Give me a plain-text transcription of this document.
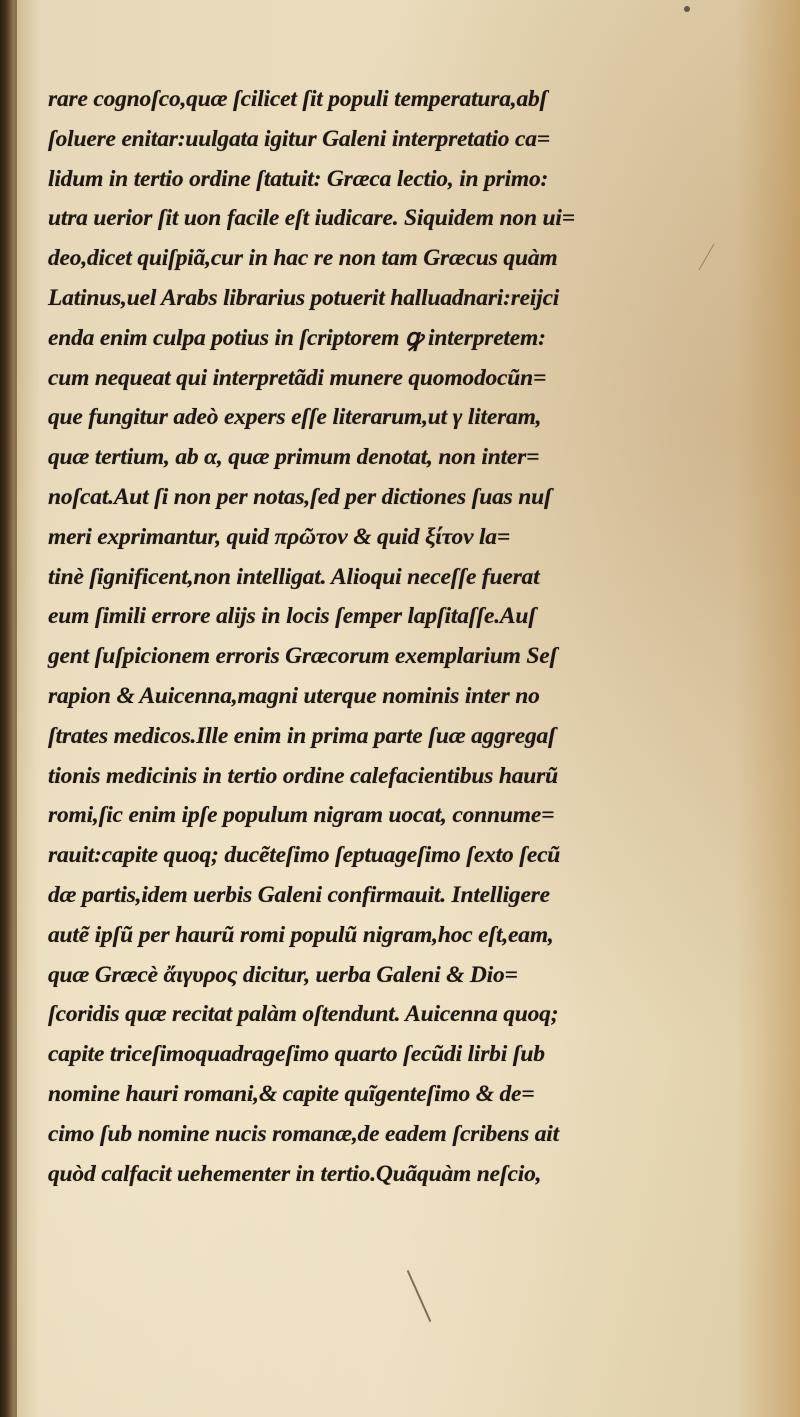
rare cognoſco,quæ ſcilicet ſit populi temperatura,abſ
ſoluere enitar:uulgata igitur Galeni interpretatio ca=
lidum in tertio ordine ſtatuit: Græca lectio, in primo:
utra uerior ſit uon facile eſt iudicare. Siquidem non ui=
deo,dicet quiſpiã,cur in hac re non tam Græcus quàm
Latinus,uel Arabs librarius potuerit halluadnari:reijci
enda enim culpa potius in ſcriptorem ꝙ interpretem:
cum nequeat qui interpretãdi munere quomodocũn=
que fungitur adeò expers eſſe literarum,ut γ literam,
quæ tertium, ab α, quæ primum denotat, non inter=
noſcat.Aut ſi non per notas,ſed per dictiones ſuas nuſ
meri exprimantur, quid πρῶτον & quid ξίτον la=
tinè ſignificent,non intelligat. Alioqui neceſſe fuerat
eum ſimili errore alijs in locis ſemper lapſitaſſe.Auſ
gent ſuſpicionem erroris Græcorum exemplarium Seſ
rapion & Auicenna,magni uterque nominis inter no
ſtrates medicos.Ille enim in prima parte ſuæ aggregaſ
tionis medicinis in tertio ordine calefacientibus haurũ
romi,ſic enim ipſe populum nigram uocat, connume=
rauit:capite quoq; ducẽteſimo ſeptuageſimo ſexto ſecũ
dæ partis,idem uerbis Galeni confirmauit. Intelligere
autẽ ipſũ per haurũ romi populũ nigram,hoc eſt,eam,
quæ Græcè ἄιγυρος dicitur, uerba Galeni & Dio=
ſcoridis quæ recitat palàm oſtendunt. Auicenna quoq;
capite triceſimoquadrageſimo quarto ſecũdi lirbi ſub
nomine hauri romani,& capite quĩgenteſimo & de=
cimo ſub nomine nucis romanæ,de eadem ſcribens ait
quòd calfacit uehementer in tertio.Quãquàm neſcio,
